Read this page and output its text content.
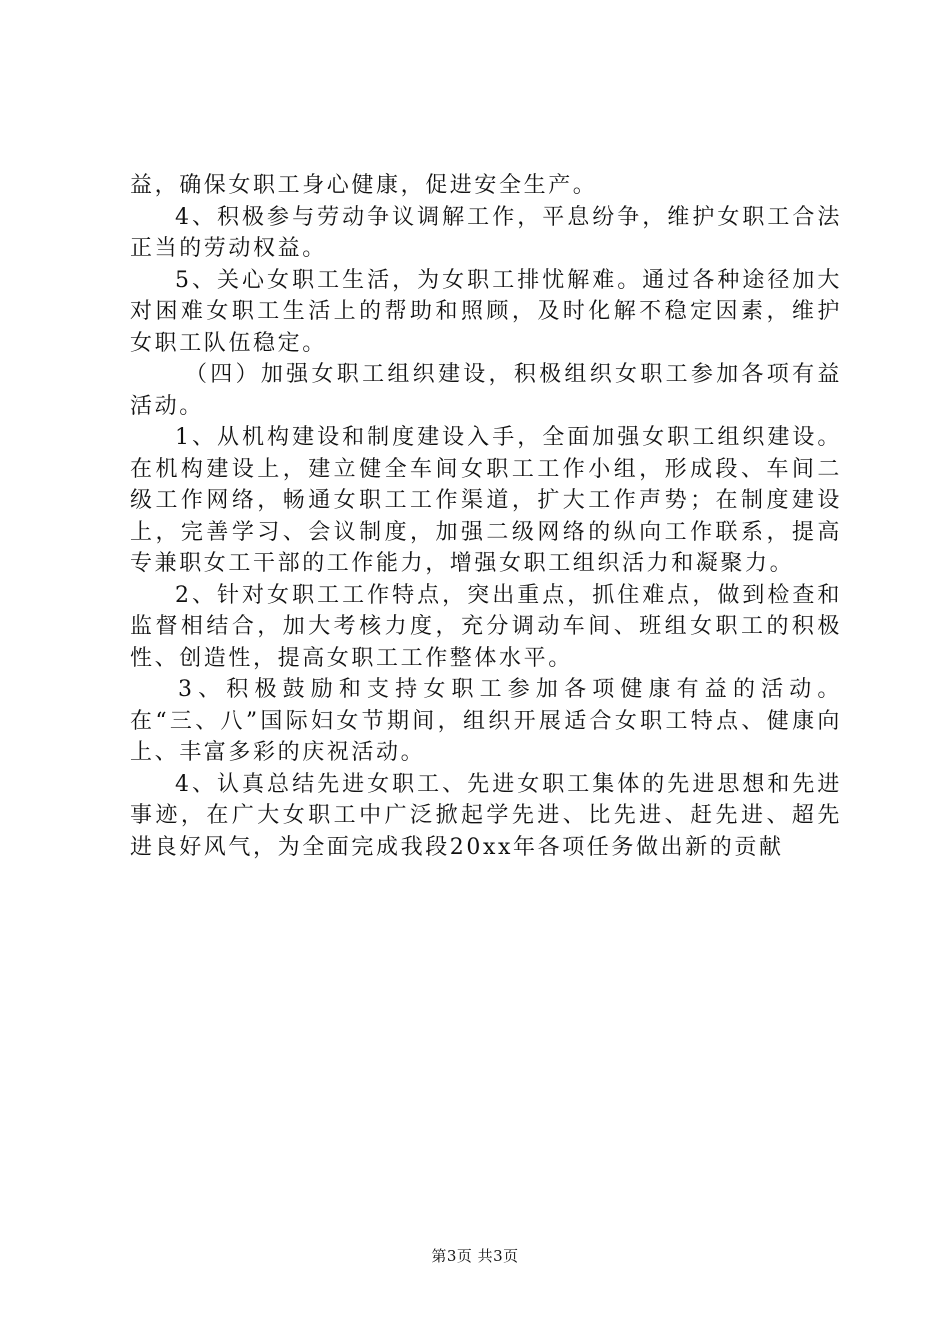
益，确保女职工身心健康，促进安全生产。

4、积极参与劳动争议调解工作，平息纷争，维护女职工合法正当的劳动权益。

5、关心女职工生活，为女职工排忧解难。通过各种途径加大对困难女职工生活上的帮助和照顾，及时化解不稳定因素，维护女职工队伍稳定。

（四）加强女职工组织建设，积极组织女职工参加各项有益活动。

1、从机构建设和制度建设入手，全面加强女职工组织建设。在机构建设上，建立健全车间女职工工作小组，形成段、车间二级工作网络，畅通女职工工作渠道，扩大工作声势；在制度建设上，完善学习、会议制度，加强二级网络的纵向工作联系，提高专兼职女工干部的工作能力，增强女职工组织活力和凝聚力。

2、针对女职工工作特点，突出重点，抓住难点，做到检查和监督相结合，加大考核力度，充分调动车间、班组女职工的积极性、创造性，提高女职工工作整体水平。

3、积极鼓励和支持女职工参加各项健康有益的活动。在“三、八”国际妇女节期间，组织开展适合女职工特点、健康向上、丰富多彩的庆祝活动。

4、认真总结先进女职工、先进女职工集体的先进思想和先进事迹，在广大女职工中广泛掀起学先进、比先进、赶先进、超先进良好风气，为全面完成我段20xx年各项任务做出新的贡献

第3页 共3页
